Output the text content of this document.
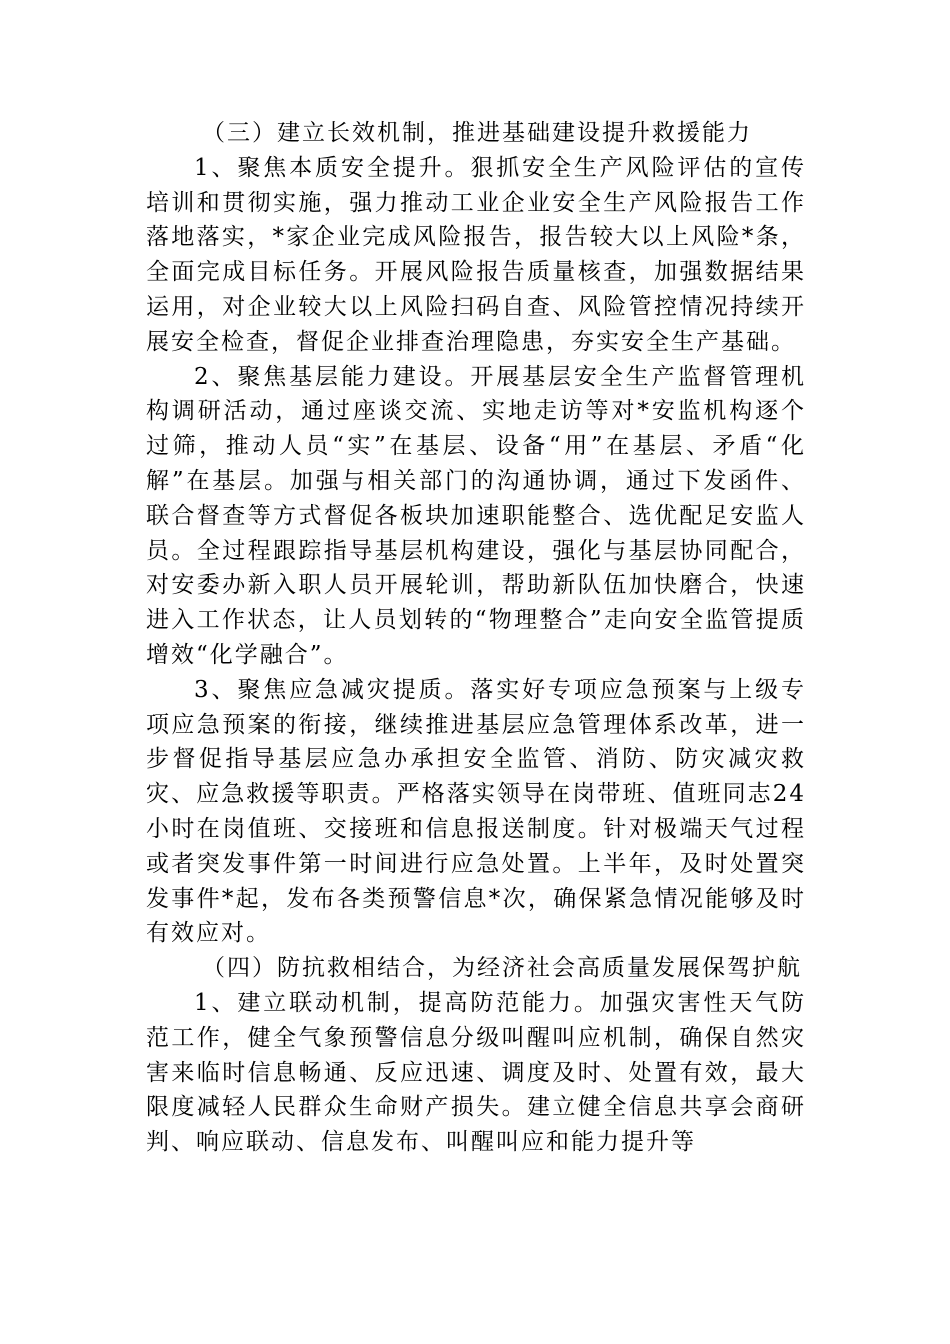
（三）建立长效机制，推进基础建设提升救援能力

1、聚焦本质安全提升。狠抓安全生产风险评估的宣传培训和贯彻实施，强力推动工业企业安全生产风险报告工作落地落实，*家企业完成风险报告，报告较大以上风险*条，全面完成目标任务。开展风险报告质量核查，加强数据结果运用，对企业较大以上风险扫码自查、风险管控情况持续开展安全检查，督促企业排查治理隐患，夯实安全生产基础。

2、聚焦基层能力建设。开展基层安全生产监督管理机构调研活动，通过座谈交流、实地走访等对*安监机构逐个过筛，推动人员“实”在基层、设备“用”在基层、矛盾“化解”在基层。加强与相关部门的沟通协调，通过下发函件、联合督查等方式督促各板块加速职能整合、选优配足安监人员。全过程跟踪指导基层机构建设，强化与基层协同配合，对安委办新入职人员开展轮训，帮助新队伍加快磨合，快速进入工作状态，让人员划转的“物理整合”走向安全监管提质增效“化学融合”。

3、聚焦应急减灾提质。落实好专项应急预案与上级专项应急预案的衔接，继续推进基层应急管理体系改革，进一步督促指导基层应急办承担安全监管、消防、防灾减灾救灾、应急救援等职责。严格落实领导在岗带班、值班同志24小时在岗值班、交接班和信息报送制度。针对极端天气过程或者突发事件第一时间进行应急处置。上半年，及时处置突发事件*起，发布各类预警信息*次，确保紧急情况能够及时有效应对。

（四）防抗救相结合，为经济社会高质量发展保驾护航

1、建立联动机制，提高防范能力。加强灾害性天气防范工作，健全气象预警信息分级叫醒叫应机制，确保自然灾害来临时信息畅通、反应迅速、调度及时、处置有效，最大限度减轻人民群众生命财产损失。建立健全信息共享会商研判、响应联动、信息发布、叫醒叫应和能力提升等
